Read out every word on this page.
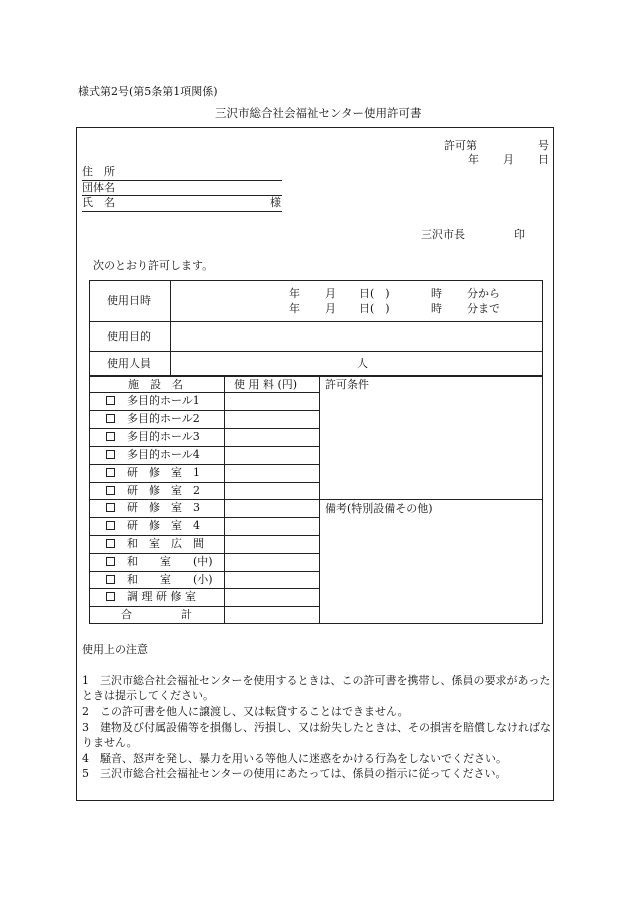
様式第2号(第5条第1項関係)
三沢市総合社会福祉センター使用許可書
許可第	号
年 月 日
住　所
団体名
氏　名	様
三沢市長	印
次のとおり許可します。
使用日時
年 月 日(　)	時 分から
年 月 日(　)	時 分まで
使用目的
使用人員	人
施　設　名	使 用 料 (円)	許可条件
備考(特別設備その他)
多目的ホール1
多目的ホール2
多目的ホール3
多目的ホール4
研　修　室　1
研　修　室　2
研　修　室　3
研　修　室　4
和　室　広　間
和　　室　　(中)
和　　室　　(小)
調 理 研 修 室
合	計
使用上の注意
1　三沢市総合社会福祉センターを使用するときは、この許可書を携帯し、係員の要求があったときは提示してください。
2　この許可書を他人に譲渡し、又は転貸することはできません。
3　建物及び付属設備等を損傷し、汚損し、又は紛失したときは、その損害を賠償しなければなりません。
4　騒音、怒声を発し、暴力を用いる等他人に迷惑をかける行為をしないでください。
5　三沢市総合社会福祉センターの使用にあたっては、係員の指示に従ってください。
